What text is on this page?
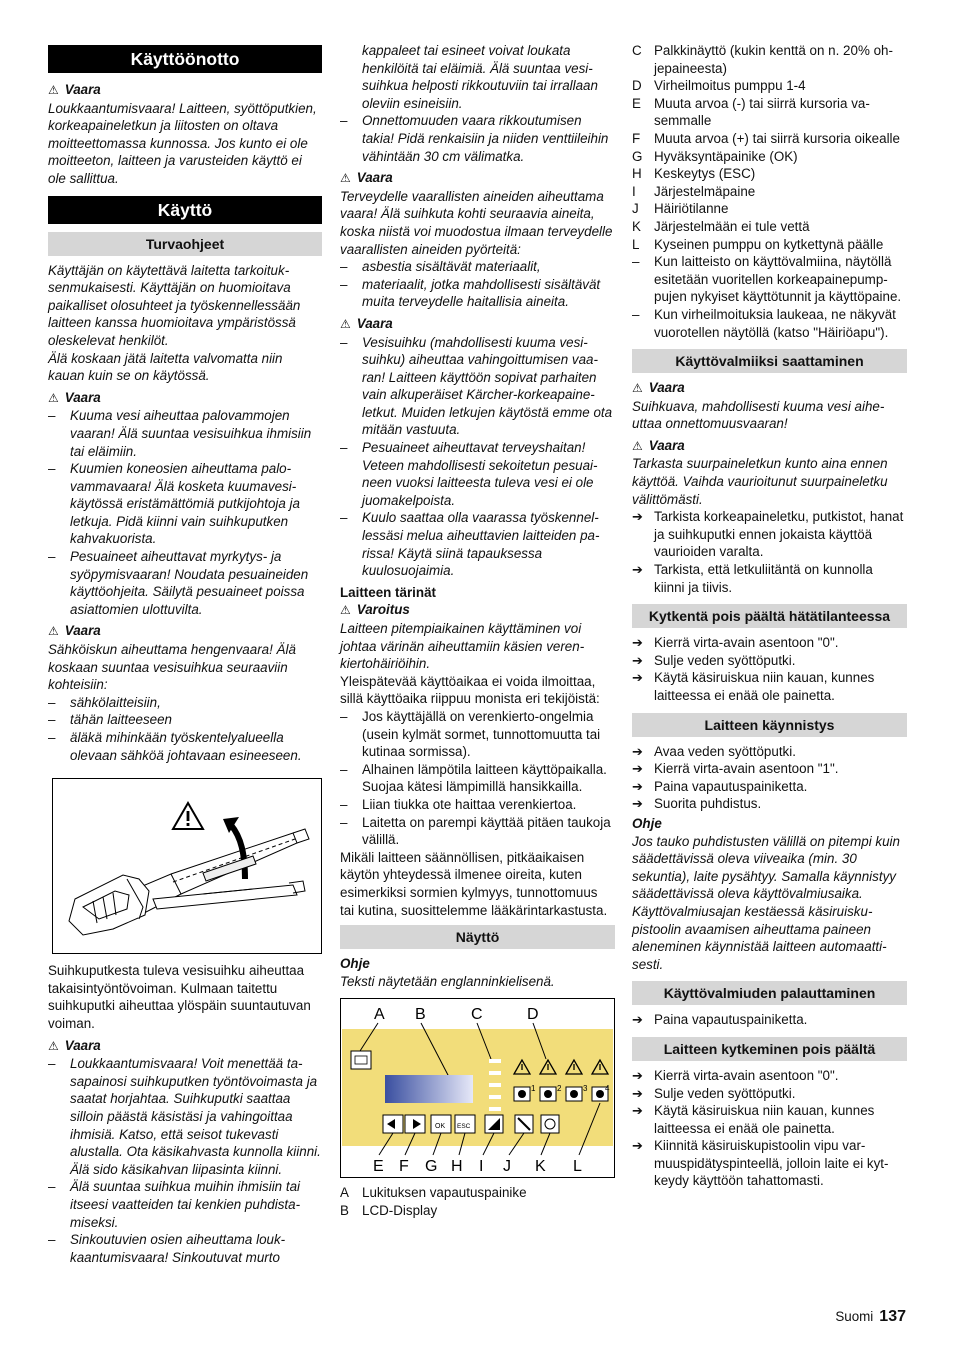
Käyttöönotto

⚠ Vaara

Loukkaantumisvaara! Laitteen, syöttöputkien, korkeapaineletkun ja liitosten on oltava moitteettomassa kunnossa. Jos kunto ei ole moitteeton, laitteen ja varusteiden käyttö ei ole sallittua.

Käyttö
Turvaohjeet

Käyttäjän on käytettävä laitetta tarkoituksenmukaisesti. Käyttäjän on huomioitava paikalliset olosuhteet ja työskennellessään laitteen kanssa huomioitava ympäristössä oleskelevat henkilöt.

Älä koskaan jätä laitetta valvomatta niin kauan kuin se on käytössä.

⚠ Vaara

– Kuuma vesi aiheuttaa palovammojen vaaran! Älä suuntaa vesisuihkua ihmisiin tai eläimiin.
– Kuumien koneosien aiheuttama palovammavaara! Älä kosketa kuumavesikäytössä eristämättömiä putkijohtoja ja letkuja. Pidä kiinni vain suihkuputken kahvakuorista.
– Pesuaineet aiheuttavat myrkytys- ja syöpymisvaaran! Noudata pesuaineiden käyttöohjeita. Säilytä pesuaineet poissa asiattomien ulottuvilta.

⚠ Vaara

Sähköiskun aiheuttama hengenvaara! Älä koskaan suuntaa vesisuihkua seuraaviin kohteisiin:

– sähkölaitteisiin,
– tähän laitteeseen
– äläkä mihinkään työskentelyalueella olevaan sähköä johtavaan esineeseen.

Suihkuputkesta tuleva vesisuihku aiheuttaa takaisintyöntövoiman. Kulmaan taitettu suihkuputki aiheuttaa ylöspäin suuntautuvan voiman.

⚠ Vaara

– Loukkaantumisvaara! Voit menettää tasapainosi suihkuputken työntövoimasta ja saatat horjahtaa. Suihkuputki saattaa silloin päästä käsistäsi ja vahingoittaa ihmisiä. Katso, että seisot tukevasti alustalla. Ota käsikahvasta kunnolla kiinni. Älä sido käsikahvan liipasinta kiinni.
– Älä suuntaa suihkua muihin ihmisiin tai itseesi vaatteiden tai kenkien puhdistamiseksi.
– Sinkoutuvien osien aiheuttama loukkaantumisvaara! Sinkoutuvat murto

kappaleet tai esineet voivat loukata henkilöitä tai eläimiä. Älä suuntaa vesisuihkua helposti rikkoutuviin tai irrallaan oleviin esineisiin.

– Onnettomuuden vaara rikkoutumisen takia! Pidä renkaisiin ja niiden venttiileihin vähintään 30 cm välimatka.

⚠ Vaara

Terveydelle vaarallisten aineiden aiheuttama vaara! Älä suihkuta kohti seuraavia aineita, koska niistä voi muodostua ilmaan terveydelle vaarallisten aineiden pyörteitä:

– asbestia sisältävät materiaalit,
– materiaalit, jotka mahdollisesti sisältävät muita terveydelle haitallisia aineita.

⚠ Vaara

– Vesisuihku (mahdollisesti kuuma vesisuihku) aiheuttaa vahingoittumisen vaaran! Laitteen käyttöön sopivat parhaiten vain alkuperäiset Kärcher-korkeapaineletkut. Muiden letkujen käytöstä emme ota mitään vastuuta.
– Pesuaineet aiheuttavat terveyshaitan! Veteen mahdollisesti sekoitetun pesuaineen vuoksi laitteesta tuleva vesi ei ole juomakelpoista.
– Kuulo saattaa olla vaarassa työskennellessäsi melua aiheuttavien laitteiden parissa! Käytä siinä tapauksessa kuulosuojaimia.

Laitteen tärinät

⚠ Varoitus

Laitteen pitempiaikainen käyttäminen voi johtaa värinän aiheuttamiin käsien verenkiertohäiriöihin.

Yleispätevää käyttöaikaa ei voida ilmoittaa, sillä käyttöaika riippuu monista eri tekijöistä:

– Jos käyttäjällä on verenkierto-ongelmia (usein kylmät sormet, tunnottomuutta tai kutinaa sormissa).
– Alhainen lämpötila laitteen käyttöpaikalla. Suojaa kätesi lämpimillä hansikkailla.
– Liian tiukka ote haittaa verenkiertoa.
– Laitetta on parempi käyttää pitäen taukoja välillä.

Mikäli laitteen säännöllisen, pitkäaikaisen käytön yhteydessä ilmenee oireita, kuten esimerkiksi sormien kylmyys, tunnottomuus tai kutina, suosittelemme lääkärintarkastusta.

Näyttö

Ohje

Teksti näytetään englanninkielisenä.

A B	C	D
1	2	3 4
OK ESC
E F G H I J K L
A Lukituksen vapautuspainike
B LCD-Display
C Palkkinäyttö (kukin kenttä on n. 20% ohjepaineesta)
D Virheilmoitus pumppu 1-4
E Muuta arvoa (-) tai siirrä kursoria vasemmalle
F Muuta arvoa (+) tai siirrä kursoria oikealle
G Hyväksyntäpainike (OK)
H Keskeytys (ESC)
I Järjestelmäpaine
J Häiriötilanne
K Järjestelmään ei tule vettä
L Kyseinen pumppu on kytkettynä päälle
– Kun laitteisto on käyttövalmiina, näytöllä esitetään vuoritellen korkeapainepumppujen nykyiset käyttötunnit ja käyttöpaine.
– Kun virheilmoituksia laukeaa, ne näkyvät vuorotellen näytöllä (katso "Häiriöapu").
Käyttövalmiiksi saattaminen

⚠ Vaara

Suihkuava, mahdollisesti kuuma vesi aiheuttaa onnettomuusvaaran!

⚠ Vaara

Tarkasta suurpaineletkun kunto aina ennen käyttöä. Vaihda vaurioitunut suurpaineletku välittömästi.

➔ Tarkista korkeapaineletku, putkistot, hanat ja suihkuputki ennen jokaista käyttöä vaurioiden varalta.
➔ Tarkista, että letkuliitäntä on kunnolla kiinni ja tiivis.
Kytkentä pois päältä hätätilanteessa
➔ Kierrä virta-avain asentoon "0".
➔ Sulje veden syöttöputki.
➔ Käytä käsiruiskua niin kauan, kunnes laitteessa ei enää ole painetta.
Laitteen käynnistys
➔ Avaa veden syöttöputki.
➔ Kierrä virta-avain asentoon "1".
➔ Paina vapautuspainiketta.
➔ Suorita puhdistus.

Ohje

Jos tauko puhdistusten välillä on pitempi kuin säädettävissä oleva viiveaika (min. 30 sekuntia), laite pysähtyy. Samalla käynnistyy säädettävissä oleva käyttövalmiusaika. Käyttövalmiusajan kestäessä käsiruiskupistoolin avaamisen aiheuttama paineen aleneminen käynnistää laitteen automaattisesti.

Käyttövalmiuden palauttaminen
➔ Paina vapautuspainiketta.
Laitteen kytkeminen pois päältä
➔ Kierrä virta-avain asentoon "0".
➔ Sulje veden syöttöputki.
➔ Käytä käsiruiskua niin kauan, kunnes laitteessa ei enää ole painetta.
➔ Kiinnitä käsiruiskupistoolin vipu varmuuspidätyspinteellä, jolloin laite ei kytkeydy käyttöön tahattomasti.
Suomi 137
